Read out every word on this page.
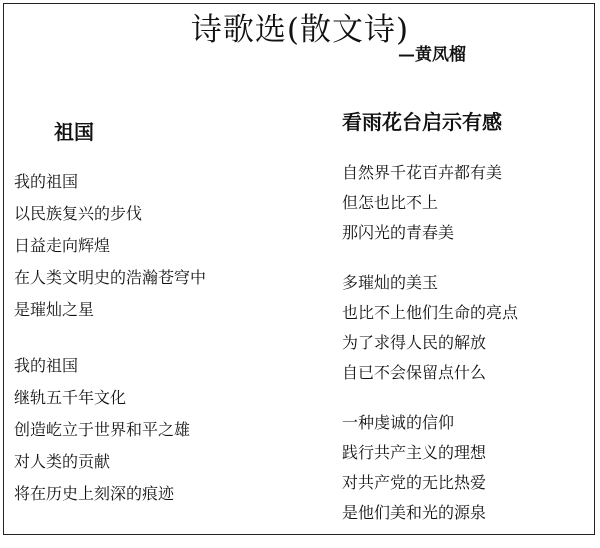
诗歌选(散文诗)
—黄凤榴
祖国
我的祖国
以民族复兴的步伐
日益走向辉煌
在人类文明史的浩瀚苍穹中
是璀灿之星
我的祖国
继轨五千年文化
创造屹立于世界和平之雄
对人类的贡献
将在历史上刻深的痕迹
看雨花台启示有感
自然界千花百卉都有美
但怎也比不上
那闪光的青春美
多璀灿的美玉
也比不上他们生命的亮点
为了求得人民的解放
自已不会保留点什么
一种虔诚的信仰
践行共产主义的理想
对共产党的无比热爱
是他们美和光的源泉
